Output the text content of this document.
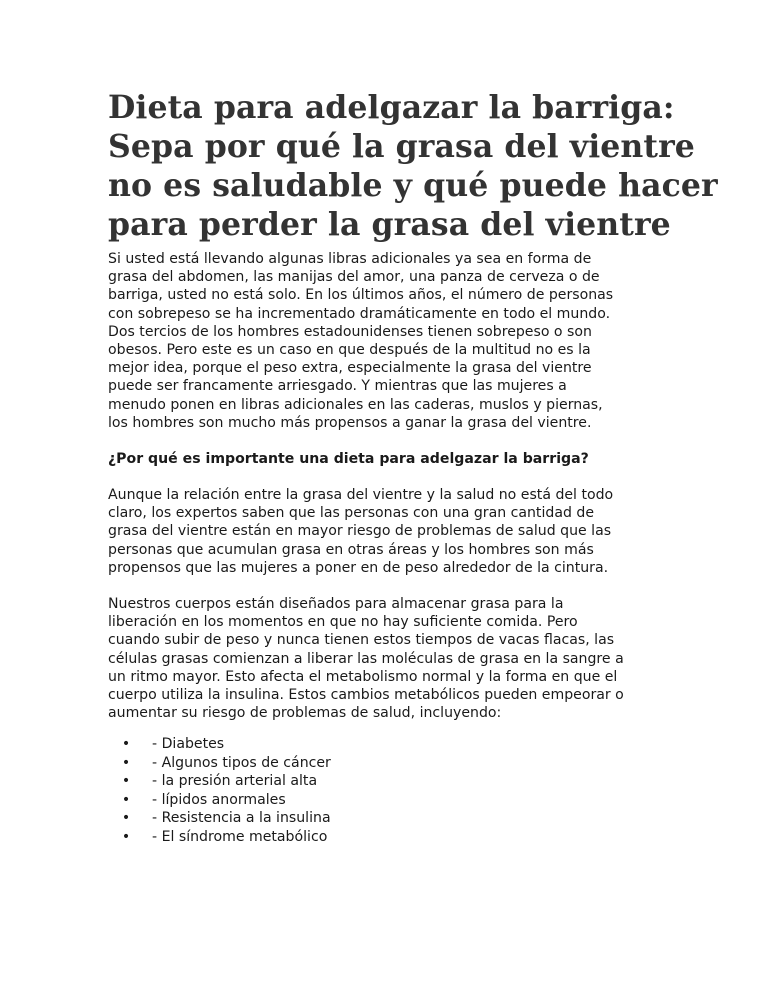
Dieta para adelgazar la barriga:
Sepa por qué la grasa del vientre
no es saludable y qué puede hacer
para perder la grasa del vientre

Si usted está llevando algunas libras adicionales ya sea en forma de
grasa del abdomen, las manijas del amor, una panza de cerveza o de
barriga, usted no está solo. En los últimos años, el número de personas
con sobrepeso se ha incrementado dramáticamente en todo el mundo.
Dos tercios de los hombres estadounidenses tienen sobrepeso o son
obesos. Pero este es un caso en que después de la multitud no es la
mejor idea, porque el peso extra, especialmente la grasa del vientre
puede ser francamente arriesgado. Y mientras que las mujeres a
menudo ponen en libras adicionales en las caderas, muslos y piernas,
los hombres son mucho más propensos a ganar la grasa del vientre.

¿Por qué es importante una dieta para adelgazar la barriga?

Aunque la relación entre la grasa del vientre y la salud no está del todo
claro, los expertos saben que las personas con una gran cantidad de
grasa del vientre están en mayor riesgo de problemas de salud que las
personas que acumulan grasa en otras áreas y los hombres son más
propensos que las mujeres a poner en de peso alrededor de la cintura.

Nuestros cuerpos están diseñados para almacenar grasa para la
liberación en los momentos en que no hay suficiente comida. Pero
cuando subir de peso y nunca tienen estos tiempos de vacas flacas, las
células grasas comienzan a liberar las moléculas de grasa en la sangre a
un ritmo mayor. Esto afecta el metabolismo normal y la forma en que el
cuerpo utiliza la insulina. Estos cambios metabólicos pueden empeorar o
aumentar su riesgo de problemas de salud, incluyendo:

• - Diabetes
• - Algunos tipos de cáncer
• - la presión arterial alta
• - lípidos anormales
• - Resistencia a la insulina
• - El síndrome metabólico
